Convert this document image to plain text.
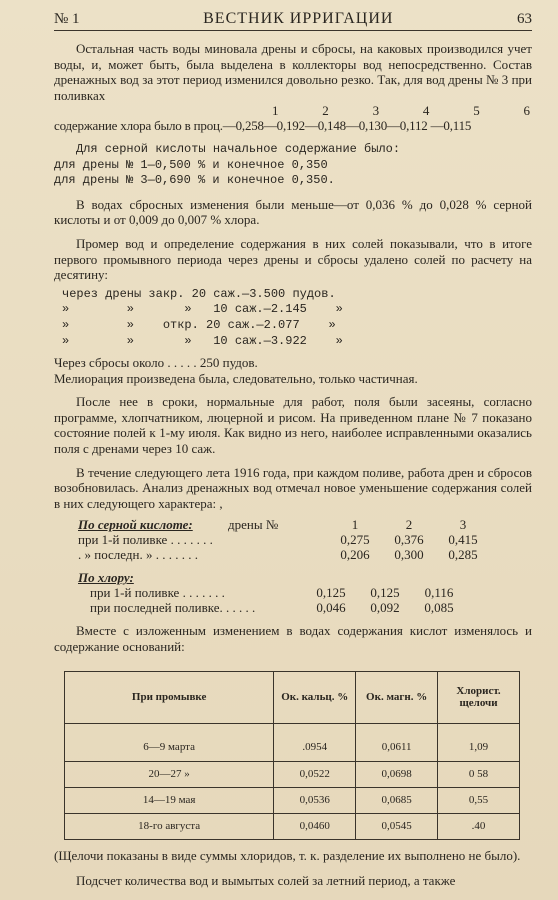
№ 1	ВЕСТНИК ИРРИГАЦИИ	63

Остальная часть воды миновала дрены и сбросы, на каковых производился учет воды, и, может быть, была выделена в коллекторы вод непосредственно. Состав дренажных вод за этот период изменился довольно резко. Так, для вод дрены № 3 при поливках

1	2	3	4	5	6

содержание хлора было в проц.—0,258—0,192—0,148—0,130—0,112 —0,115

Для серной кислоты начальное содержание было:
для дрены № 1—0,500 % и конечное 0,350
для дрены № 3—0,690 % и конечное 0,350.

В водах сбросных изменения были меньше—от 0,036 % до 0,028 % серной кислоты и от 0,009 до 0,007 % хлора.

Промер вод и определение содержания в них солей показывали, что в итоге первого промывного периода через дрены и сбросы удалено солей по расчету на десятину:

через дрены закр. 20 саж.—3.500 пудов.
»        »       »   10 саж.—2.145    »
»        »    откр. 20 саж.—2.077    »
»        »       »   10 саж.—3.922    »
Через сбросы около . . . . . 250 пудов.
Мелиорация произведена была, следовательно, только частичная.

После нее в сроки, нормальные для работ, поля были засеяны, согласно программе, хлопчатником, люцерной и рисом. На приведенном плане № 7 показано состояние полей к 1-му июля. Как видно из него, наиболее исправленными оказались поля с дренами через 10 саж.

В течение следующего лета 1916 года, при каждом поливе, работа дрен и сбросов возобновилась. Анализ дренажных вод отмечал новое уменьшение содержания солей в них следующего характера: ,

По серной кислоте:	дрены №	1	2	3
при 1-й поливке . . . . . . .	0,275	0,376	0,415
. » последн. » . . . . . . .	0,206	0,300	0,285
По хлору:
при 1-й поливке . . . . . . .	0,125	0,125	0,116
при последней поливке. . . . . .	0,046	0,092	0,085

Вместе с изложенным изменением в водах содержания кислот изменялось и содержание оснований:

При промывке	Ок. кальц. %	Ок. магн. %	Хлорист. щелочи
6—9 марта	.0954	0,0611	1,09
20—27 »	0,0522	0,0698	0 58
14—19 мая	0,0536	0,0685	0,55
18-го августа	0,0460	0,0545	.40

(Щелочи показаны в виде суммы хлоридов, т. к. разделение их выполнено не было).

Подсчет количества вод и вымытых солей за летний период, а также
